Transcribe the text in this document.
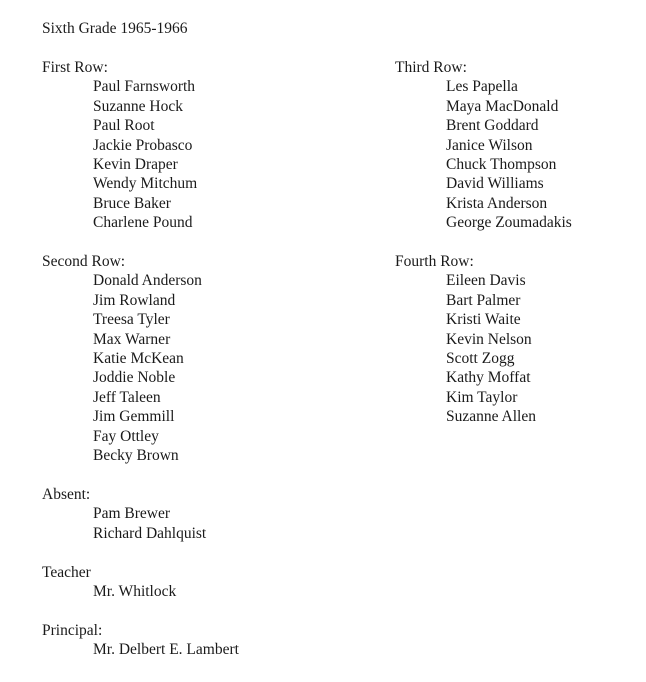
Sixth Grade 1965-1966
First Row:
Paul Farnsworth
Suzanne Hock
Paul Root
Jackie Probasco
Kevin Draper
Wendy Mitchum
Bruce Baker
Charlene Pound
Second Row:
Donald Anderson
Jim Rowland
Treesa Tyler
Max Warner
Katie McKean
Joddie Noble
Jeff Taleen
Jim Gemmill
Fay Ottley
Becky Brown
Absent:
Pam Brewer
Richard Dahlquist
Teacher
Mr. Whitlock
Principal:
Mr. Delbert E. Lambert
Third Row:
Les Papella
Maya MacDonald
Brent Goddard
Janice Wilson
Chuck Thompson
David Williams
Krista Anderson
George Zoumadakis
Fourth Row:
Eileen Davis
Bart Palmer
Kristi Waite
Kevin Nelson
Scott Zogg
Kathy Moffat
Kim Taylor
Suzanne Allen
